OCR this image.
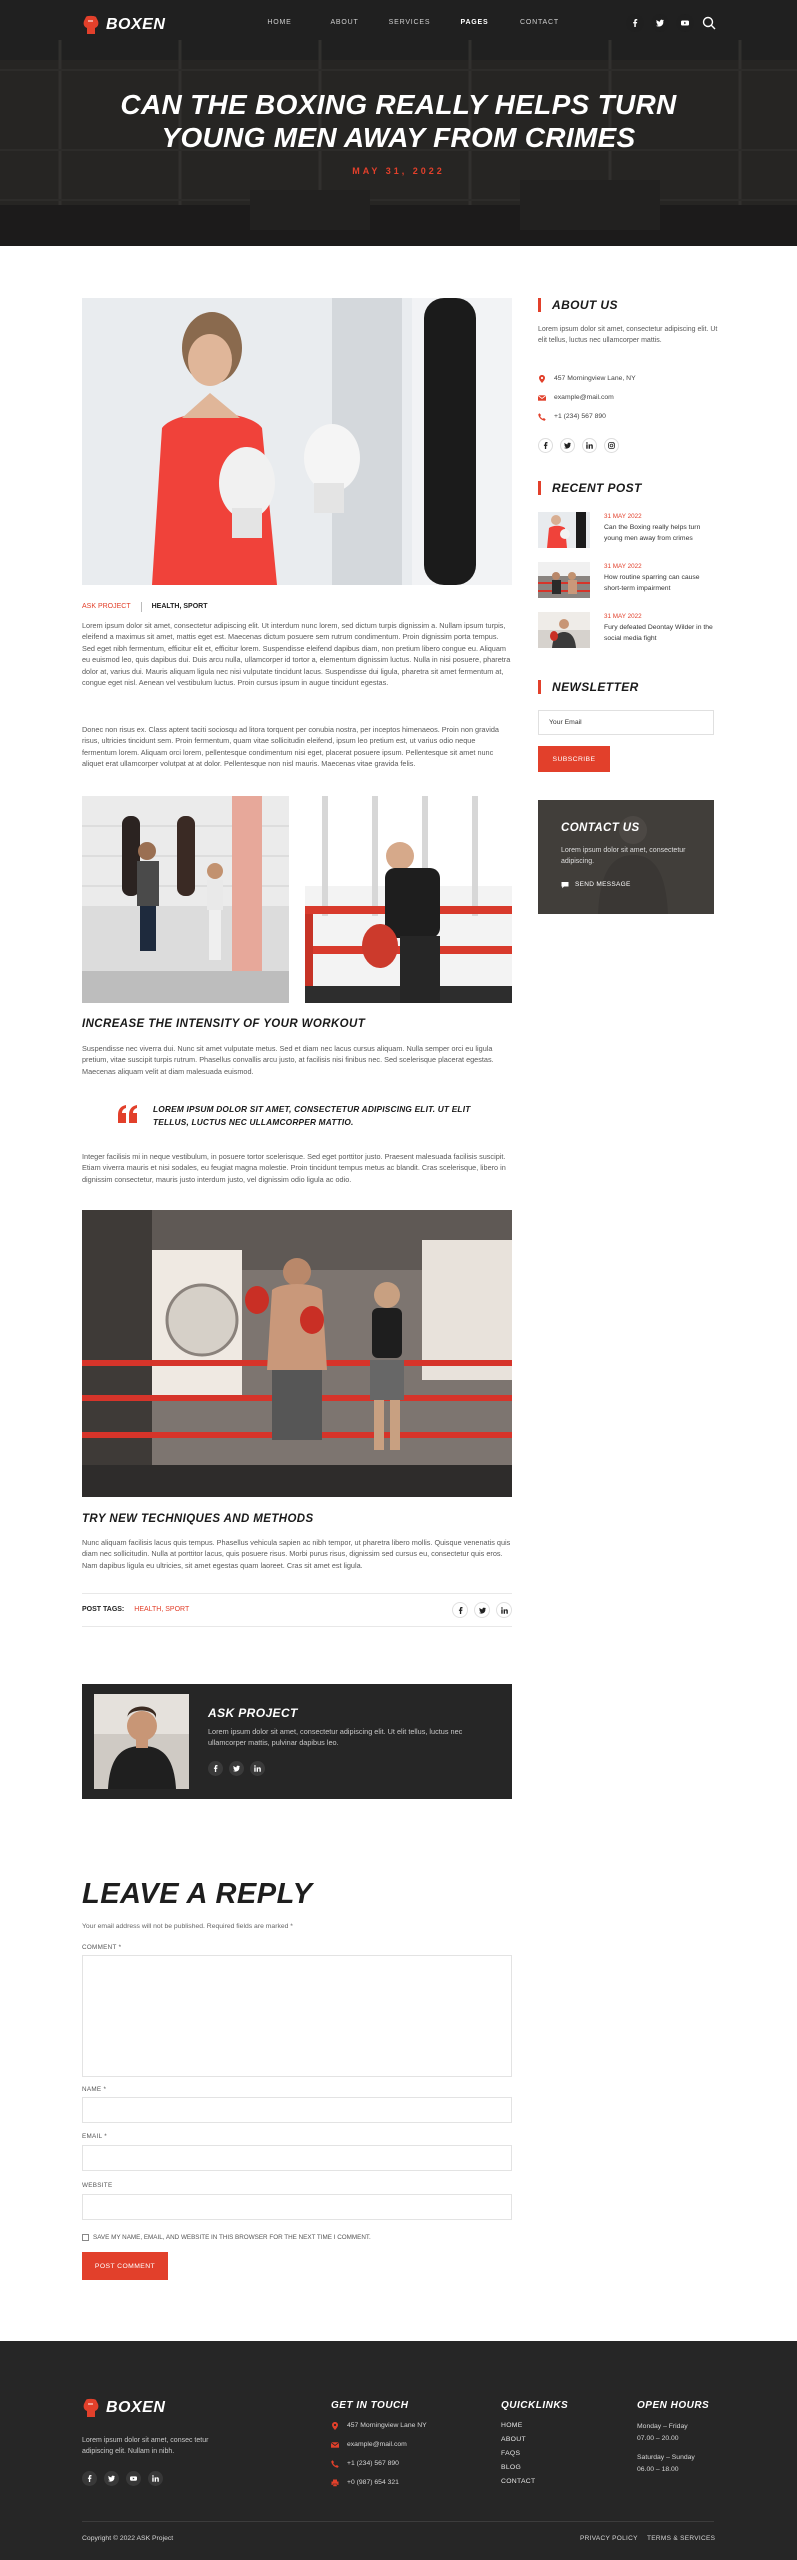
BOXEN	HOME	ABOUT	SERVICES	PAGES	CONTACT
CAN THE BOXING REALLY HELPS TURN YOUNG MEN AWAY FROM CRIMES
MAY 31, 2022
ASK PROJECT	HEALTH, SPORT

Lorem ipsum dolor sit amet, consectetur adipiscing elit. Ut interdum nunc lorem, sed dictum turpis dignissim a. Nullam ipsum turpis, eleifend a maximus sit amet, mattis eget est. Maecenas dictum posuere sem rutrum condimentum. Proin dignissim porta tempus. Sed eget nibh fermentum, efficitur elit et, efficitur lorem. Suspendisse eleifend dapibus diam, non pretium libero congue eu. Aliquam eu euismod leo, quis dapibus dui. Duis arcu nulla, ullamcorper id tortor a, elementum dignissim luctus. Nulla in nisi posuere, pharetra dolor at, varius dui. Mauris aliquam ligula nec nisi vulputate tincidunt lacus. Suspendisse dui ligula, pharetra sit amet fermentum at, congue eget nisl. Aenean vel vestibulum luctus. Proin cursus ipsum in augue tincidunt egestas.

Donec non risus ex. Class aptent taciti sociosqu ad litora torquent per conubia nostra, per inceptos himenaeos. Proin non gravida risus, ultricies tincidunt sem. Proin fermentum, quam vitae sollicitudin eleifend, ipsum leo pretium est, ut varius odio neque fermentum lorem. Aliquam orci lorem, pellentesque condimentum nisi eget, placerat posuere ipsum. Pellentesque sit amet nunc aliquet erat ullamcorper volutpat at at dolor. Pellentesque non nisl mauris. Maecenas vitae gravida felis.

INCREASE THE INTENSITY OF YOUR WORKOUT

Suspendisse nec viverra dui. Nunc sit amet vulputate metus. Sed et diam nec lacus cursus aliquam. Nulla semper orci eu ligula pretium, vitae suscipit turpis rutrum. Phasellus convallis arcu justo, at facilisis nisi finibus nec. Sed scelerisque placerat egestas. Maecenas aliquam velit at diam malesuada euismod.

LOREM IPSUM DOLOR SIT AMET, CONSECTETUR ADIPISCING ELIT. UT ELIT TELLUS, LUCTUS NEC ULLAMCORPER MATTIO.

Integer facilisis mi in neque vestibulum, in posuere tortor scelerisque. Sed eget porttitor justo. Praesent malesuada facilisis suscipit. Etiam viverra mauris et nisi sodales, eu feugiat magna molestie. Proin tincidunt tempus metus ac blandit. Cras scelerisque, libero in dignissim consectetur, mauris justo interdum justo, vel dignissim odio ligula ac odio.

TRY NEW TECHNIQUES AND METHODS

Nunc aliquam facilisis lacus quis tempus. Phasellus vehicula sapien ac nibh tempor, ut pharetra libero mollis. Quisque venenatis quis diam nec sollicitudin. Nulla at porttitor lacus, quis posuere risus. Morbi purus risus, dignissim sed cursus eu, consectetur quis eros. Nam dapibus ligula eu ultricies, sit amet egestas quam laoreet. Cras sit amet est ligula.

POST TAGS: HEALTH, SPORT
ASK PROJECT

Lorem ipsum dolor sit amet, consectetur adipiscing elit. Ut elit tellus, luctus nec ullamcorper mattis, pulvinar dapibus leo.

LEAVE A REPLY

Your email address will not be published. Required fields are marked *

COMMENT *
NAME *
EMAIL *
WEBSITE
SAVE MY NAME, EMAIL, AND WEBSITE IN THIS BROWSER FOR THE NEXT TIME I COMMENT.
POST COMMENT
ABOUT US

Lorem ipsum dolor sit amet, consectetur adipiscing elit. Ut elit tellus, luctus nec ullamcorper mattis.

457 Morningview Lane, NY
example@mail.com
+1 (234) 567 890
RECENT POST
31 MAY 2022
Can the Boxing really helps turn young men away from crimes
31 MAY 2022
How routine sparring can cause short-term impairment
31 MAY 2022
Fury defeated Deontay Wilder in the social media fight
NEWSLETTER
Your Email
SUBSCRIBE
CONTACT US

Lorem ipsum dolor sit amet, consectetur adipiscing.

SEND MESSAGE
BOXEN

Lorem ipsum dolor sit amet, consec tetur adipiscing elit. Nullam in nibh.

GET IN TOUCH
457 Morningview Lane NY
example@mail.com
+1 (234) 567 890
+0 (987) 654 321
QUICKLINKS
HOME
ABOUT
FAQS
BLOG
CONTACT
OPEN HOURS
Monday – Friday
07.00 – 20.00
Saturday – Sunday
06.00 – 18.00
Copyright © 2022 ASK Project	PRIVACY POLICY TERMS & SERVICES
